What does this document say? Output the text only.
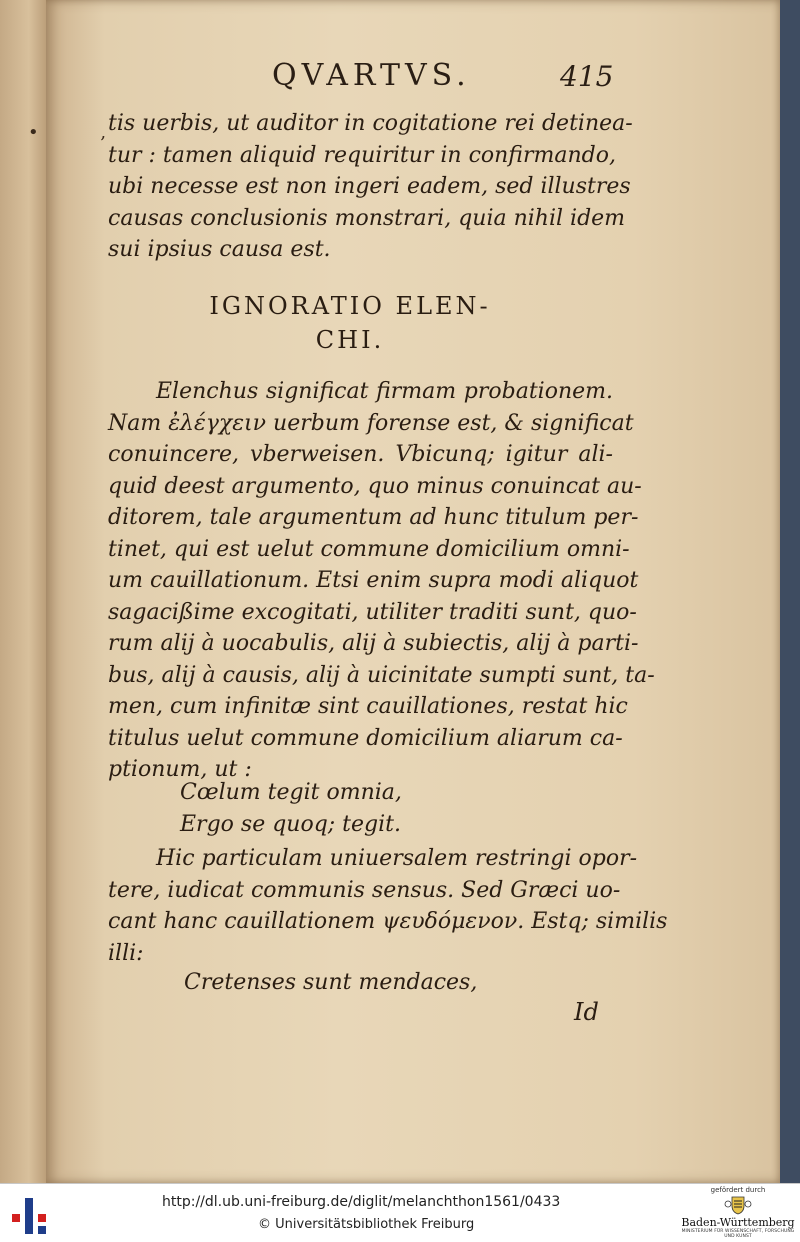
QVARTVS.	415
• ,
tis uerbis, ut auditor in cogitatione rei detinea-
tur : tamen aliquid requiritur in confirmando,
ubi necesse est non ingeri eadem, sed illustres
causas conclusionis monstrari, quia nihil idem
sui ipsius causa est.
IGNORATIO ELEN-
CHI.
Elenchus significat firmam probationem.
Nam ἐλέγχειν uerbum forense est, & significat
conuincere, vberweisen. Vbicunq; igitur ali-
quid deest argumento, quo minus conuincat au-
ditorem, tale argumentum ad hunc titulum per-
tinet, qui est uelut commune domicilium omni-
um cauillationum. Etsi enim supra modi aliquot
sagacißime excogitati, utiliter traditi sunt, quo-
rum alij à uocabulis, alij à subiectis, alij à parti-
bus, alij à causis, alij à uicinitate sumpti sunt, ta-
men, cum infinitæ sint cauillationes, restat hic
titulus uelut commune domicilium aliarum ca-
ptionum, ut :
Cœlum tegit omnia,
Ergo se quoq; tegit.
Hic particulam uniuersalem restringi opor-
tere, iudicat communis sensus. Sed Græci uo-
cant hanc cauillationem ψευδόμενον. Estq; similis
illi:
Cretenses sunt mendaces,
Id
http://dl.ub.uni-freiburg.de/diglit/melanchthon1561/0433
© Universitätsbibliothek Freiburg
gefördert durch
Baden-Württemberg
MINISTERIUM FÜR WISSENSCHAFT, FORSCHUNG UND KUNST
